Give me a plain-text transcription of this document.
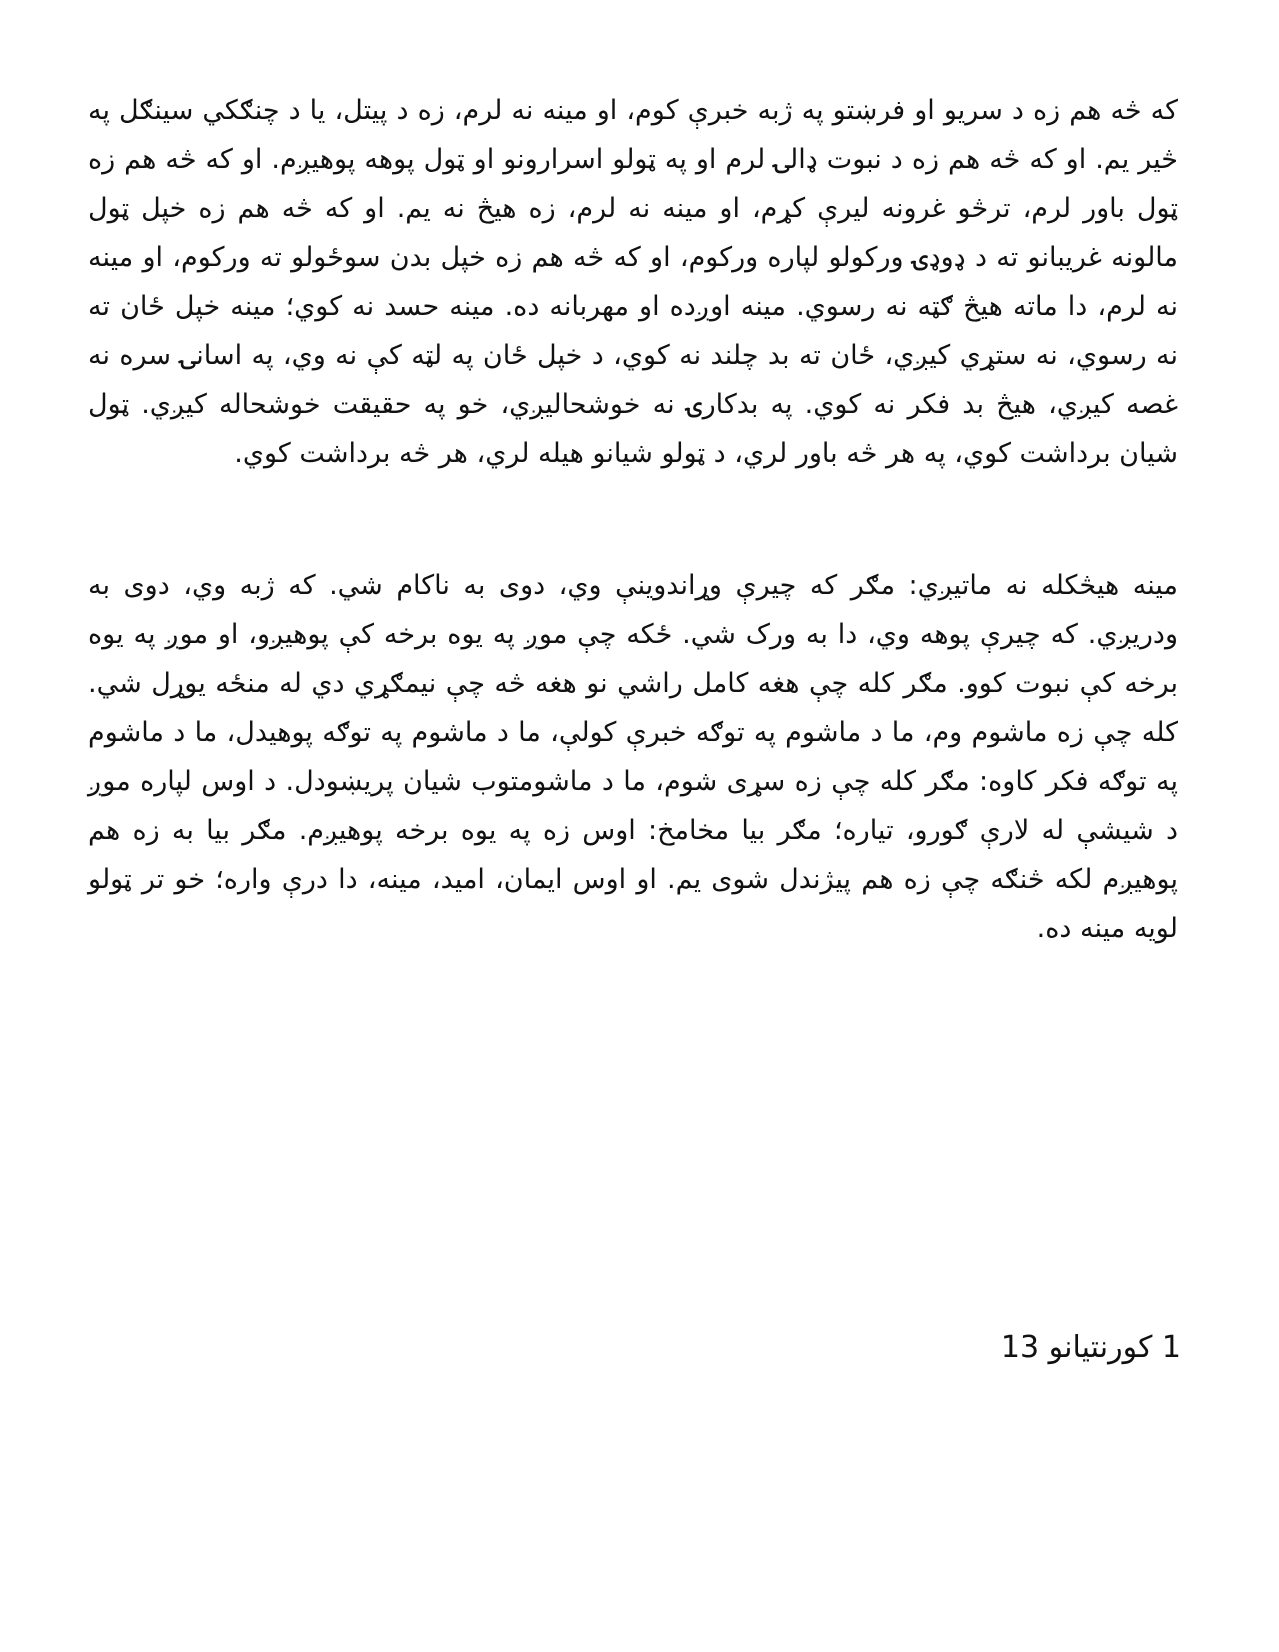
که څه هم زه د سریو او فرښتو په ژبه خبرې کوم، او مینه نه لرم، زه د پیتل، یا د چنګکي سینګل په څیر یم. او که څه هم زه د نبوت ډالۍ لرم او په ټولو اسرارونو او ټول پوهه پوهیږم. او که څه هم زه ټول باور لرم، ترڅو غرونه لیرې کړم، او مینه نه لرم، زه هیڅ نه یم. او که څه هم زه خپل ټول مالونه غریبانو ته د ډوډۍ ورکولو لپاره ورکوم، او که څه هم زه خپل بدن سوځولو ته ورکوم، او مینه نه لرم، دا ماته هیڅ ګټه نه رسوي. مینه اوږده او مهربانه ده. مینه حسد نه کوي؛ مینه خپل ځان ته نه رسوي، نه ستړي کیږي، ځان ته بد چلند نه کوي، د خپل ځان په لټه کې نه وي، په اسانۍ سره نه غصه کیږي، هیڅ بد فکر نه کوي. په بدکارۍ نه خوشحالیږي، خو په حقیقت خوشحاله کیږي. ټول شیان برداشت کوي، په هر څه باور لري، د ټولو شیانو هیله لري، هر څه برداشت کوي.

مینه هیڅکله نه ماتیږي: مګر که چیرې وړاندوینې وي، دوی به ناکام شي. که ژبه وي، دوی به ودریږي. که چیرې پوهه وي، دا به ورک شي. ځکه چې موږ په یوه برخه کې پوهیږو، او موږ په یوه برخه کې نبوت کوو. مګر کله چې هغه کامل راشي نو هغه څه چې نیمګړي دي له منځه یوړل شي. کله چې زه ماشوم وم، ما د ماشوم په توګه خبرې کولې، ما د ماشوم په توګه پوهیدل، ما د ماشوم په توګه فکر کاوه: مګر کله چې زه سړی شوم، ما د ماشومتوب شیان پریښودل. د اوس لپاره موږ د شیشې له لارې ګورو، تیاره؛ مګر بیا مخامخ: اوس زه په یوه برخه پوهیږم. مګر بیا به زه هم پوهیږم لکه څنګه چې زه هم پیژندل شوی یم. او اوس ایمان، امید، مینه، دا درې واره؛ خو تر ټولو لویه مینه ده.

1 کورنتیانو 13
